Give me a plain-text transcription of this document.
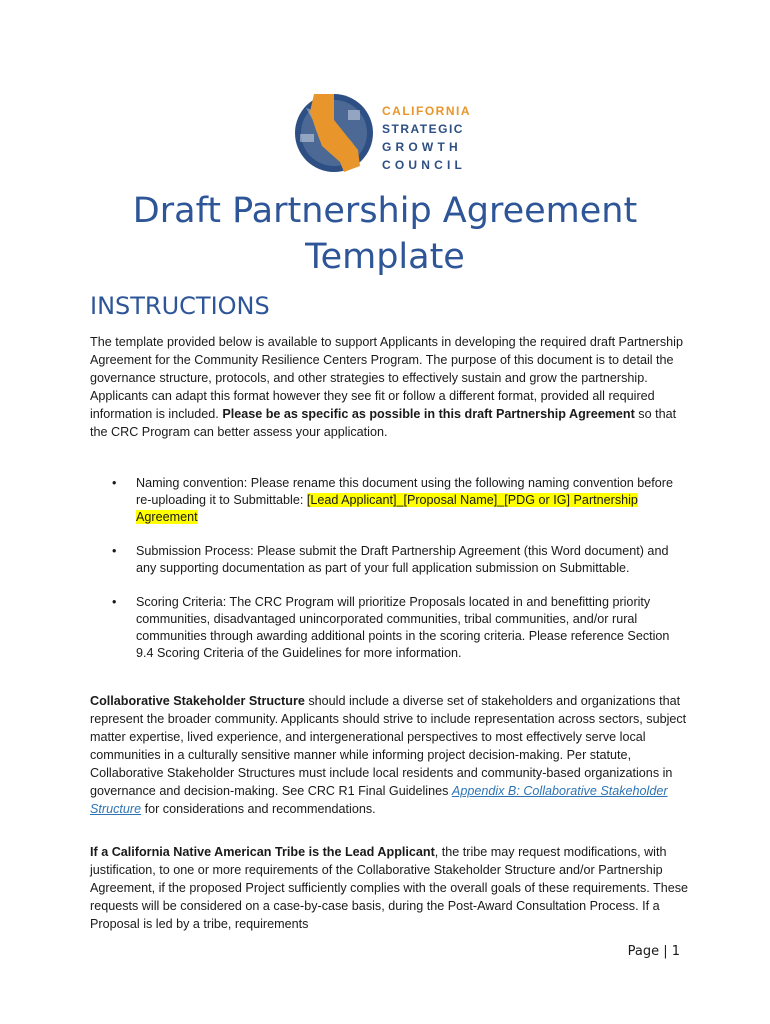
CALIFORNIA
STRATEGIC
GROWTH
COUNCIL
Draft Partnership Agreement
Template
INSTRUCTIONS

The template provided below is available to support Applicants in developing the required draft Partnership Agreement for the Community Resilience Centers Program. The purpose of this document is to detail the governance structure, protocols, and other strategies to effectively sustain and grow the partnership. Applicants can adapt this format however they see fit or follow a different format, provided all required information is included. Please be as specific as possible in this draft Partnership Agreement so that the CRC Program can better assess your application.

• Naming convention: Please rename this document using the following naming convention before re-uploading it to Submittable: [Lead Applicant]_[Proposal Name]_[PDG or IG] Partnership Agreement
• Submission Process: Please submit the Draft Partnership Agreement (this Word document) and any supporting documentation as part of your full application submission on Submittable.
• Scoring Criteria: The CRC Program will prioritize Proposals located in and benefitting priority communities, disadvantaged unincorporated communities, tribal communities, and/or rural communities through awarding additional points in the scoring criteria. Please reference Section 9.4 Scoring Criteria of the Guidelines for more information.

Collaborative Stakeholder Structure should include a diverse set of stakeholders and organizations that represent the broader community. Applicants should strive to include representation across sectors, subject matter expertise, lived experience, and intergenerational perspectives to most effectively serve local communities in a culturally sensitive manner while informing project decision-making. Per statute, Collaborative Stakeholder Structures must include local residents and community-based organizations in governance and decision-making. See CRC R1 Final Guidelines Appendix B: Collaborative Stakeholder Structure for considerations and recommendations.

If a California Native American Tribe is the Lead Applicant, the tribe may request modifications, with justification, to one or more requirements of the Collaborative Stakeholder Structure and/or Partnership Agreement, if the proposed Project sufficiently complies with the overall goals of these requirements. These requests will be considered on a case-by-case basis, during the Post-Award Consultation Process. If a Proposal is led by a tribe, requirements

Page | 1
